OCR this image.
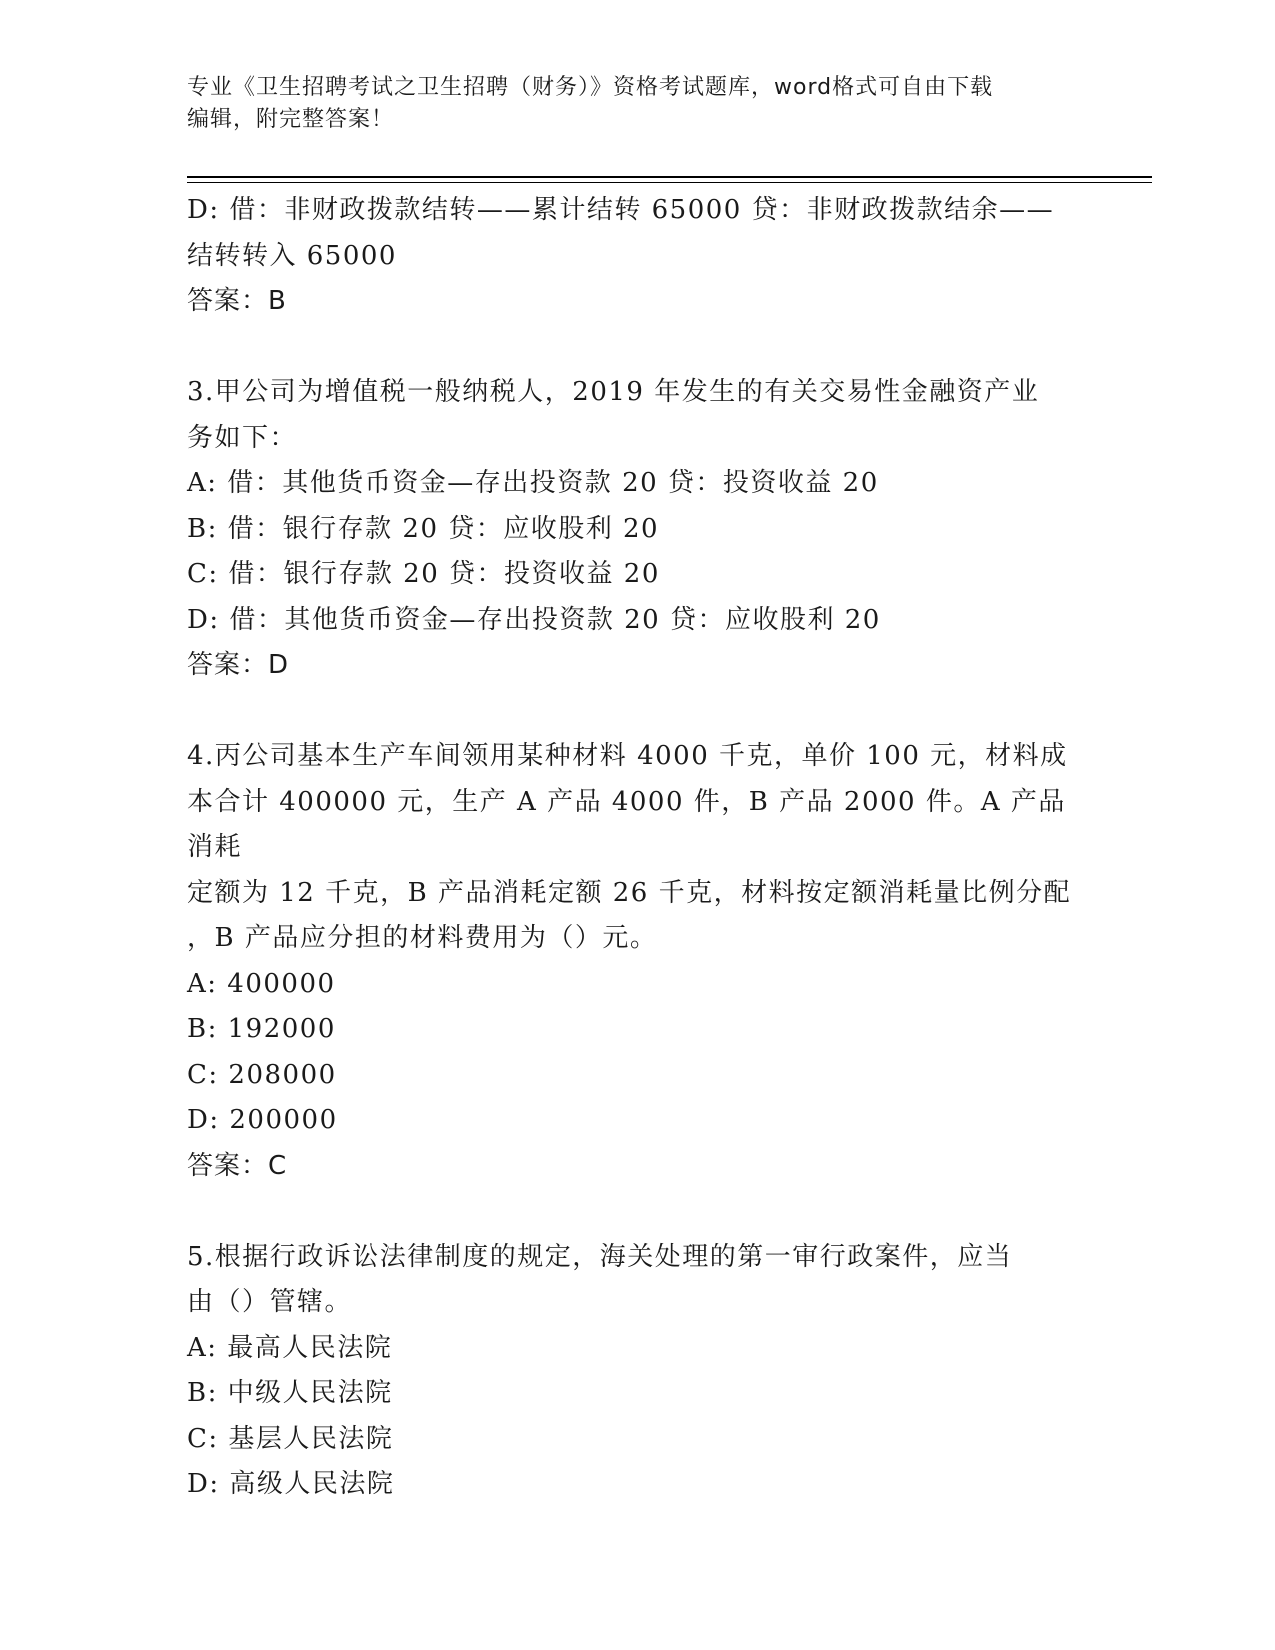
专业《卫生招聘考试之卫生招聘（财务）》资格考试题库，word格式可自由下载
编辑，附完整答案！

D: 借：非财政拨款结转——累计结转 65000 贷：非财政拨款结余——

结转转入 65000

答案：B

3.甲公司为增值税一般纳税人，2019 年发生的有关交易性金融资产业

务如下：

A: 借：其他货币资金—存出投资款 20 贷：投资收益 20

B: 借：银行存款 20 贷：应收股利 20

C: 借：银行存款 20 贷：投资收益 20

D: 借：其他货币资金—存出投资款 20 贷：应收股利 20

答案：D

4.丙公司基本生产车间领用某种材料 4000 千克，单价 100 元，材料成

本合计 400000 元，生产 A 产品 4000 件，B 产品 2000 件。A 产品消耗

定额为 12 千克，B 产品消耗定额 26 千克，材料按定额消耗量比例分配

，B 产品应分担的材料费用为（）元。

A: 400000

B: 192000

C: 208000

D: 200000

答案：C

5.根据行政诉讼法律制度的规定，海关处理的第一审行政案件，应当

由（）管辖。

A: 最高人民法院

B: 中级人民法院

C: 基层人民法院

D: 高级人民法院
